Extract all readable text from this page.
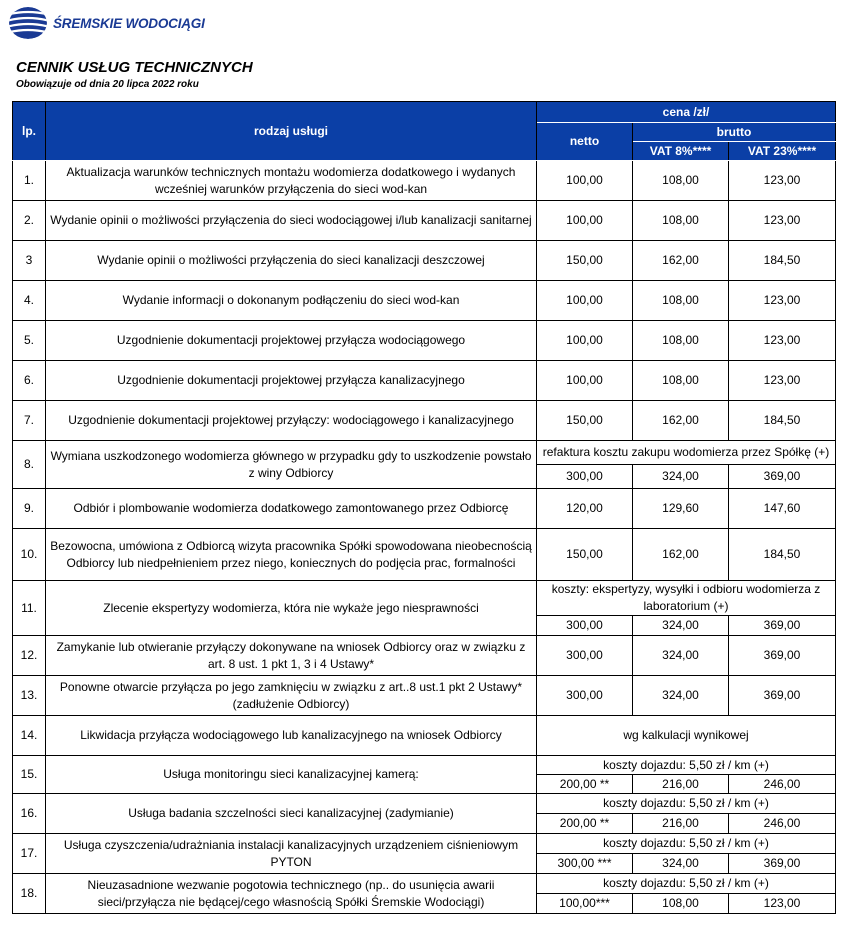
ŚREMSKIE WODOCIĄGI
CENNIK USŁUG TECHNICZNYCH
Obowiązuje od dnia 20 lipca 2022 roku
lp.	rodzaj usługi	cena /zł/		
		netto	brutto	
			VAT 8%****	VAT 23%****
1.	Aktualizacja warunków technicznych montażu wodomierza dodatkowego i wydanych wcześniej warunków przyłączenia do sieci wod-kan	100,00	108,00	123,00
2.	Wydanie opinii o możliwości przyłączenia do sieci wodociągowej i/lub kanalizacji sanitarnej	100,00	108,00	123,00
3	Wydanie opinii o możliwości przyłączenia do sieci kanalizacji deszczowej	150,00	162,00	184,50
4.	Wydanie informacji o dokonanym podłączeniu do sieci wod-kan	100,00	108,00	123,00
5.	Uzgodnienie dokumentacji projektowej przyłącza wodociągowego	100,00	108,00	123,00
6.	Uzgodnienie dokumentacji projektowej przyłącza kanalizacyjnego	100,00	108,00	123,00
7.	Uzgodnienie dokumentacji projektowej przyłączy: wodociągowego i kanalizacyjnego	150,00	162,00	184,50
8.	Wymiana uszkodzonego wodomierza głównego w przypadku gdy to uszkodzenie powstało z winy Odbiorcy	refaktura kosztu zakupu wodomierza przez Spółkę (+)		
		300,00	324,00	369,00
9.	Odbiór i plombowanie wodomierza dodatkowego zamontowanego przez Odbiorcę	120,00	129,60	147,60
10.	Bezowocna, umówiona z Odbiorcą wizyta pracownika Spółki spowodowana nieobecnością Odbiorcy lub niedpełnieniem przez niego, koniecznych do podjęcia prac, formalności	150,00	162,00	184,50
11.	Zlecenie ekspertyzy wodomierza, która nie wykaże jego niesprawności	koszty: ekspertyzy, wysyłki i odbioru wodomierza z laboratorium (+)		
		300,00	324,00	369,00
12.	Zamykanie lub otwieranie przyłączy dokonywane na wniosek Odbiorcy oraz w związku z art. 8 ust. 1 pkt 1, 3 i 4 Ustawy*	300,00	324,00	369,00
13.	Ponowne otwarcie przyłącza po jego zamknięciu w związku z art..8 ust.1 pkt 2 Ustawy* (zadłużenie Odbiorcy)	300,00	324,00	369,00
14.	Likwidacja przyłącza wodociągowego lub kanalizacyjnego na wniosek Odbiorcy	wg kalkulacji wynikowej		
15.	Usługa monitoringu sieci kanalizacyjnej kamerą:	koszty dojazdu: 5,50 zł / km (+)		
		200,00 **	216,00	246,00
16.	Usługa badania szczelności sieci kanalizacyjnej (zadymianie)	koszty dojazdu: 5,50 zł / km (+)		
		200,00 **	216,00	246,00
17.	Usługa czyszczenia/udrażniania instalacji kanalizacyjnych urządzeniem ciśnieniowym PYTON	koszty dojazdu: 5,50 zł / km (+)		
		300,00 ***	324,00	369,00
18.	Nieuzasadnione wezwanie pogotowia technicznego (np.. do usunięcia awarii sieci/przyłącza nie będącej/cego własnością Spółki Śremskie Wodociągi)	koszty dojazdu: 5,50 zł / km (+)		
		100,00***	108,00	123,00
